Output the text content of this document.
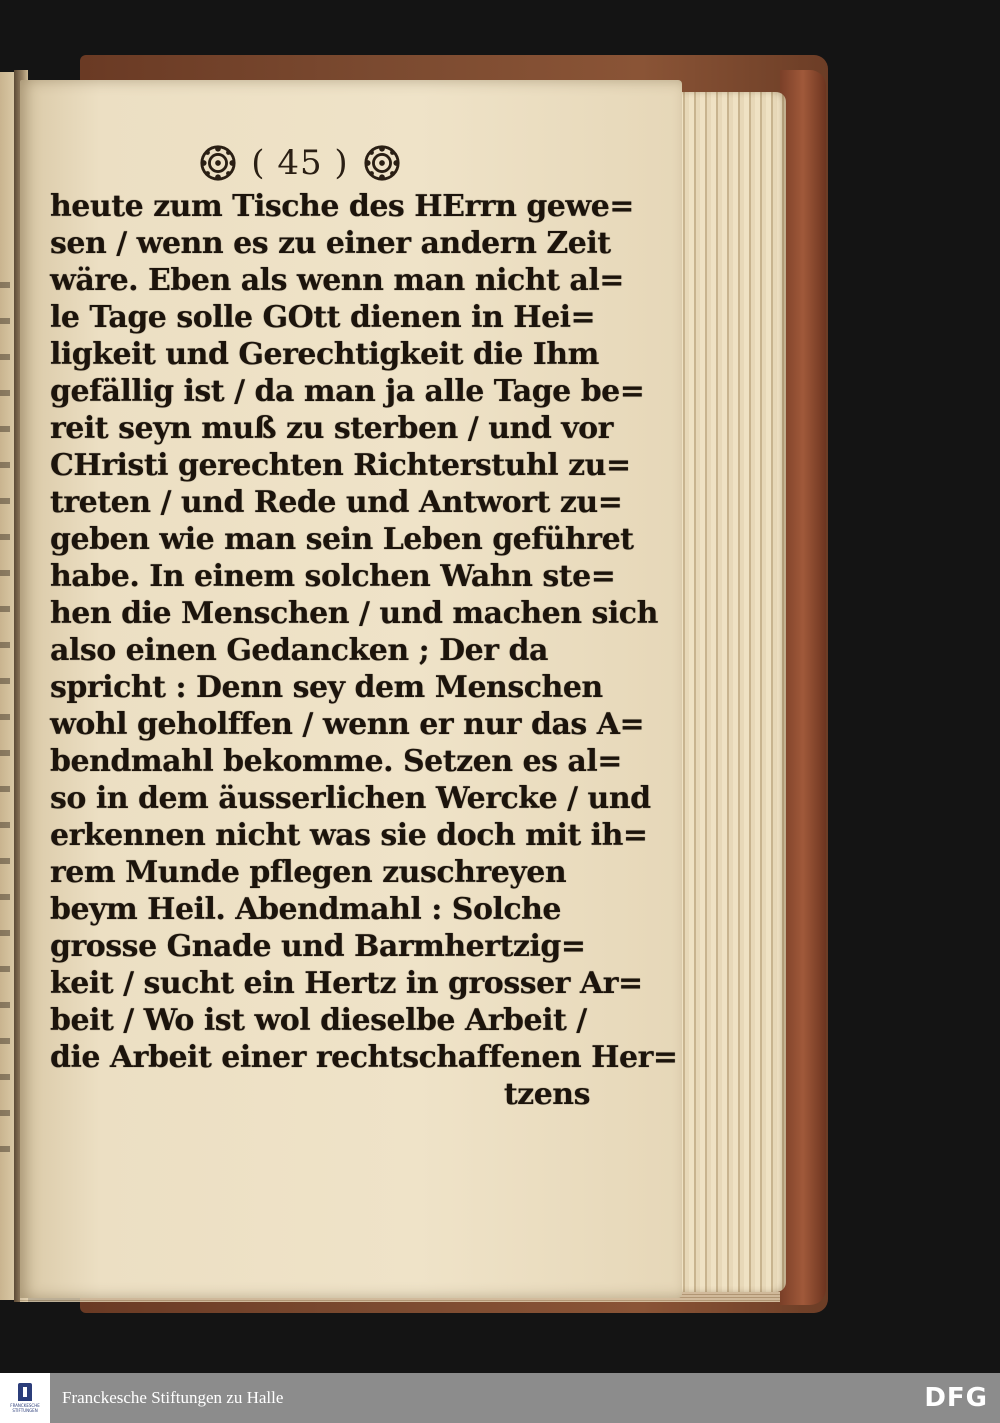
( 45 )
heute zum Tische des HErrn gewe=
sen / wenn es zu einer andern Zeit
wäre. Eben als wenn man nicht al=
le Tage solle GOtt dienen in Hei=
ligkeit und Gerechtigkeit die Ihm
gefällig ist / da man ja alle Tage be=
reit seyn muß zu sterben / und vor
CHristi gerechten Richterstuhl zu=
treten / und Rede und Antwort zu=
geben wie man sein Leben geführet
habe. In einem solchen Wahn ste=
hen die Menschen / und machen sich
also einen Gedancken ; Der da
spricht : Denn sey dem Menschen
wohl geholffen / wenn er nur das A=
bendmahl bekomme. Setzen es al=
so in dem äusserlichen Wercke / und
erkennen nicht was sie doch mit ih=
rem Munde pflegen zuschreyen
beym Heil. Abendmahl : Solche
grosse Gnade und Barmhertzig=
keit / sucht ein Hertz in grosser Ar=
beit / Wo ist wol dieselbe Arbeit /
die Arbeit einer rechtschaffenen Her=
tzens
FRANCKESCHE STIFTUNGEN
Franckesche Stiftungen zu Halle	DFG
